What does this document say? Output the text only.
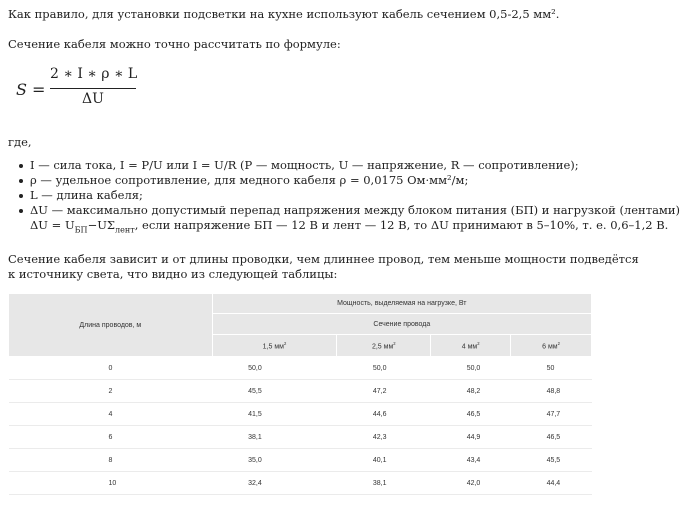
Как правило, для установки подсветки на кухне используют кабель сечением 0,5-2,5 мм².
Сечение кабеля можно точно рассчитать по формуле:
S =
2 ∗ I ∗ ρ ∗ L
ΔU
где,
I — сила тока, I = P/U или I = U/R (P — мощность, U — напряжение, R — сопротивление);
ρ — удельное сопротивление, для медного кабеля ρ = 0,0175 Ом·мм²/м;
L — длина кабеля;
ΔU — максимально допустимый перепад напряжения между блоком питания (БП) и нагрузкой (лентами)
$\Delta U = U_{БП}-U\Sigma_{лент}$, если напряжение БП — 12 В и лент — 12 В, то ΔU принимают в 5–10%, т. е. 0,6–1,2 В.
Сечение кабеля зависит и от длины проводки, чем длиннее провод, тем меньше мощности подведётся
к источнику света, что видно из следующей таблицы:
Длина проводов, м	Мощность, выделяемая на нагрузке, Вт			
	Сечение провода			
	1,5 $мм^2$	2,5 $мм^2$	4 $мм^2$	6 $мм^2$
0	50,0	50,0	50,0	50
2	45,5	47,2	48,2	48,8
4	41,5	44,6	46,5	47,7
6	38,1	42,3	44,9	46,5
8	35,0	40,1	43,4	45,5
10	32,4	38,1	42,0	44,4
